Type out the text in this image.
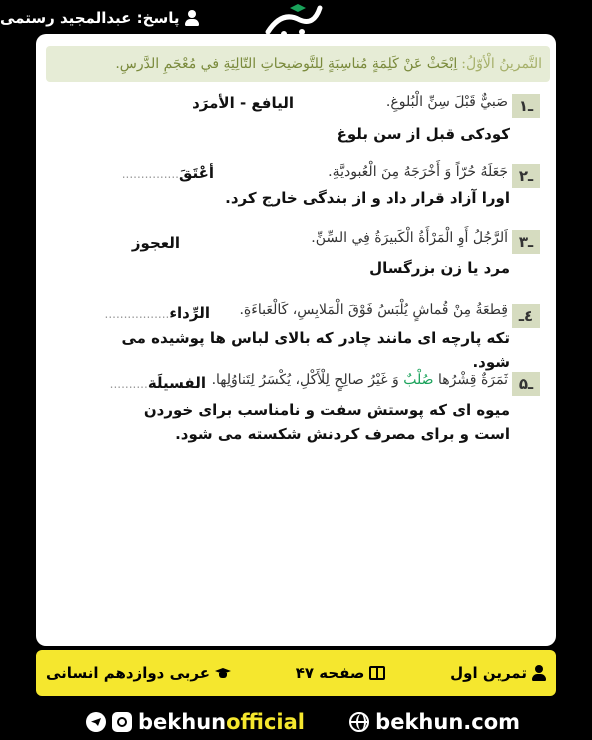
پاسخ: عبدالمجید رستمی
التَّمرینُ الْأوّلُ:
اِبْحَثْ عَنْ كَلِمَةٍ مُناسِبَةٍ لِلتَّوضيحاتِ التّالِيَةِ في مُعْجَمِ الدَّرسِ.
۱ـ
صَبيٌّ قَبْلَ سِنِّ الْبُلوغِ.
اليافع - الأمرَد
کودکی قبل از سن بلوغ
۲ـ
جَعَلَهُ حُرّاً وَ أَخْرَجَهُ مِنَ الْعُبوديَّةِ.
أعْتَقَ...............
اورا آزاد قرار داد و از بندگی خارج کرد.
۳ـ
اَلرَّجُلُ أَوِ الْمَرْأَةُ الْكَبيرَةُ فِي السِّنِّ.
العجوز
مرد یا زن بزرگسال
٤ـ
قِطعَةُ مِنْ قُماشٍ يُلْبَسُ فَوْقَ الْمَلابِسِ، كَالْعَباءَةِ.
الرِّداء.................
تکه پارچه ای مانند چادر که بالای لباس ها پوشیده می شود.
۵ـ
ثَمَرَةٌ قِشْرُها صُلْبٌ وَ غَيْرُ صالِحٍ لِلْأَكْلِ، يُكْسَرُ لِتَناوُلِها.
الفسيلَة..........
میوه ای که پوستش سفت و نامناسب برای خوردن
است و برای مصرف کردنش شکسته می شود.
تمرین اول
صفحه ۴۷
عربی دوازدهم انسانی
bekhunofficial	bekhun.com
